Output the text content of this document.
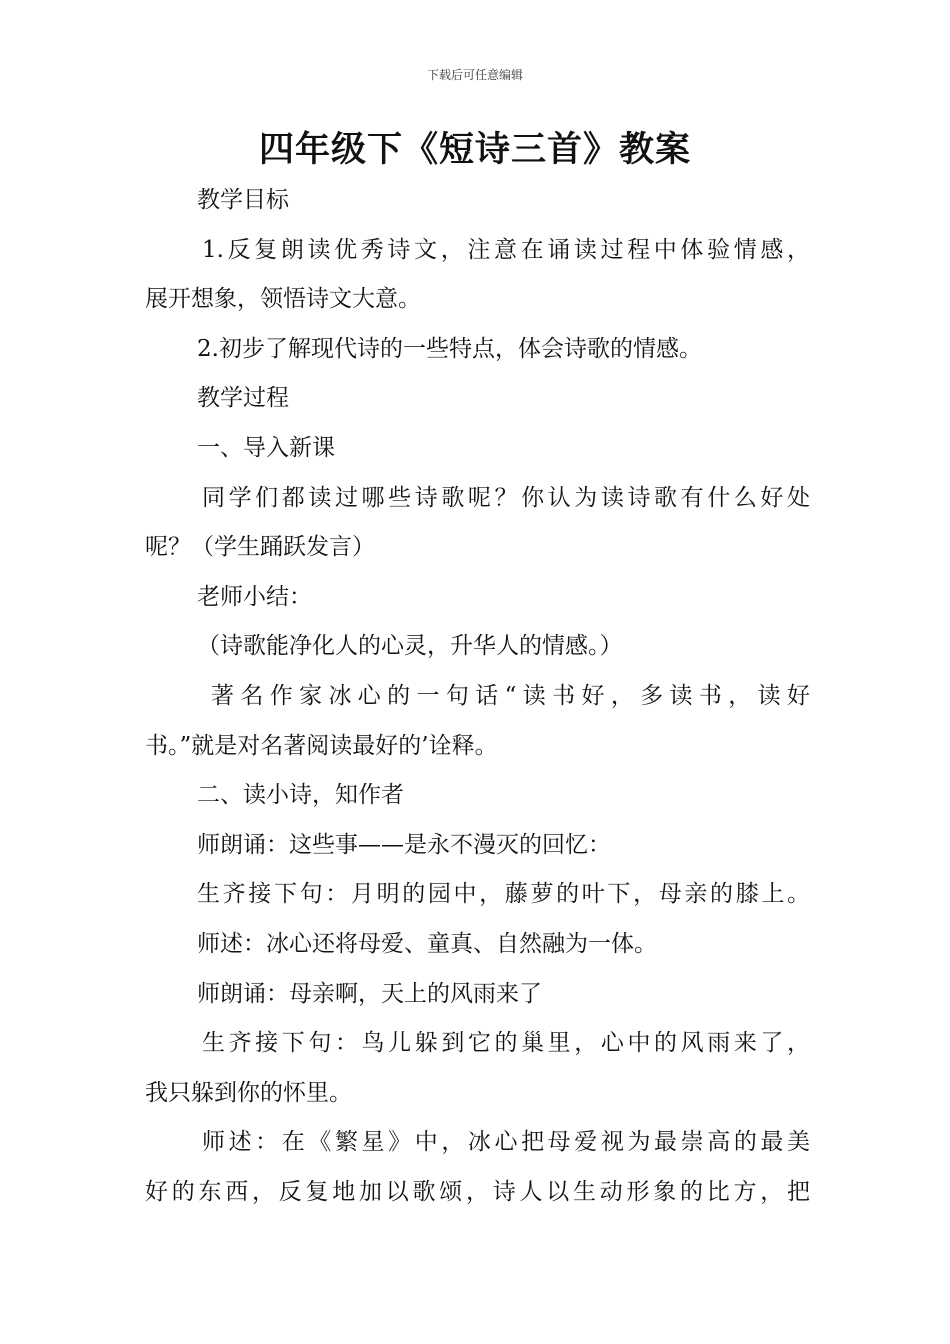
下载后可任意编辑
四年级下《短诗三首》教案
教学目标
1.反复朗读优秀诗文，注意在诵读过程中体验情感，
展开想象，领悟诗文大意。
2.初步了解现代诗的一些特点，体会诗歌的情感。
教学过程
一、导入新课
同学们都读过哪些诗歌呢？你认为读诗歌有什么好处
呢？（学生踊跃发言）
老师小结：
（诗歌能净化人的心灵，升华人的情感。）
著名作家冰心的一句话“读书好，多读书，读好
书。”就是对名著阅读最好的’诠释。
二、读小诗，知作者
师朗诵：这些事——是永不漫灭的回忆：
生齐接下句：月明的园中，藤萝的叶下，母亲的膝上。
师述：冰心还将母爱、童真、自然融为一体。
师朗诵：母亲啊，天上的风雨来了
生齐接下句：鸟儿躲到它的巢里，心中的风雨来了，
我只躲到你的怀里。
师述：在《繁星》中，冰心把母爱视为最崇高的最美
好的东西，反复地加以歌颂，诗人以生动形象的比方，把
